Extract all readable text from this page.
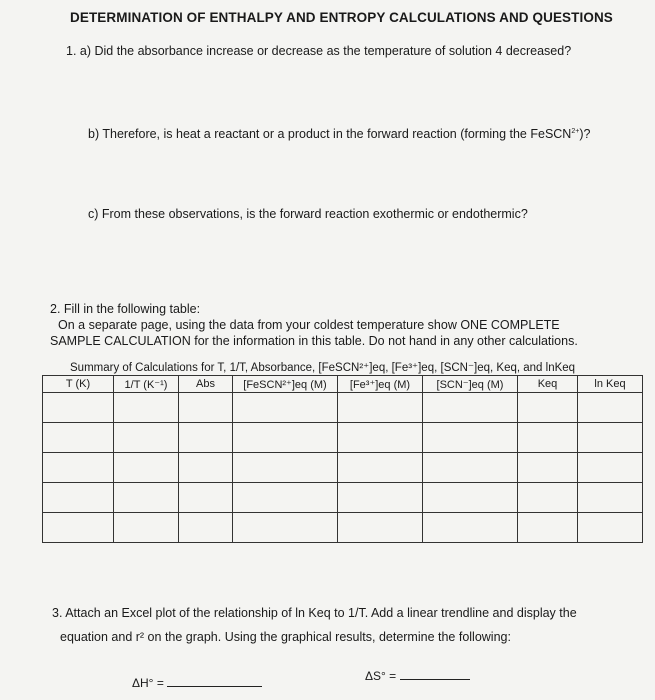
DETERMINATION OF ENTHALPY AND ENTROPY CALCULATIONS AND QUESTIONS
1. a) Did the absorbance increase or decrease as the temperature of solution 4 decreased?
b) Therefore, is heat a reactant or a product in the forward reaction (forming the FeSCN$^{2+}$)?
c) From these observations, is the forward reaction exothermic or endothermic?
2. Fill in the following table:
On a separate page, using the data from your coldest temperature show ONE COMPLETE
SAMPLE CALCULATION for the information in this table. Do not hand in any other calculations.
Summary of Calculations for T, 1/T, Absorbance, [FeSCN²⁺]eq, [Fe³⁺]eq, [SCN⁻]eq, Keq, and lnKeq
T (K)	1/T (K⁻¹)	Abs	[FeSCN²⁺]eq (M)	[Fe³⁺]eq (M)	[SCN⁻]eq (M)	Keq	ln Keq

3. Attach an Excel plot of the relationship of ln Keq to 1/T. Add a linear trendline and display the
equation and r² on the graph. Using the graphical results, determine the following:
ΔH° =	ΔS° =
